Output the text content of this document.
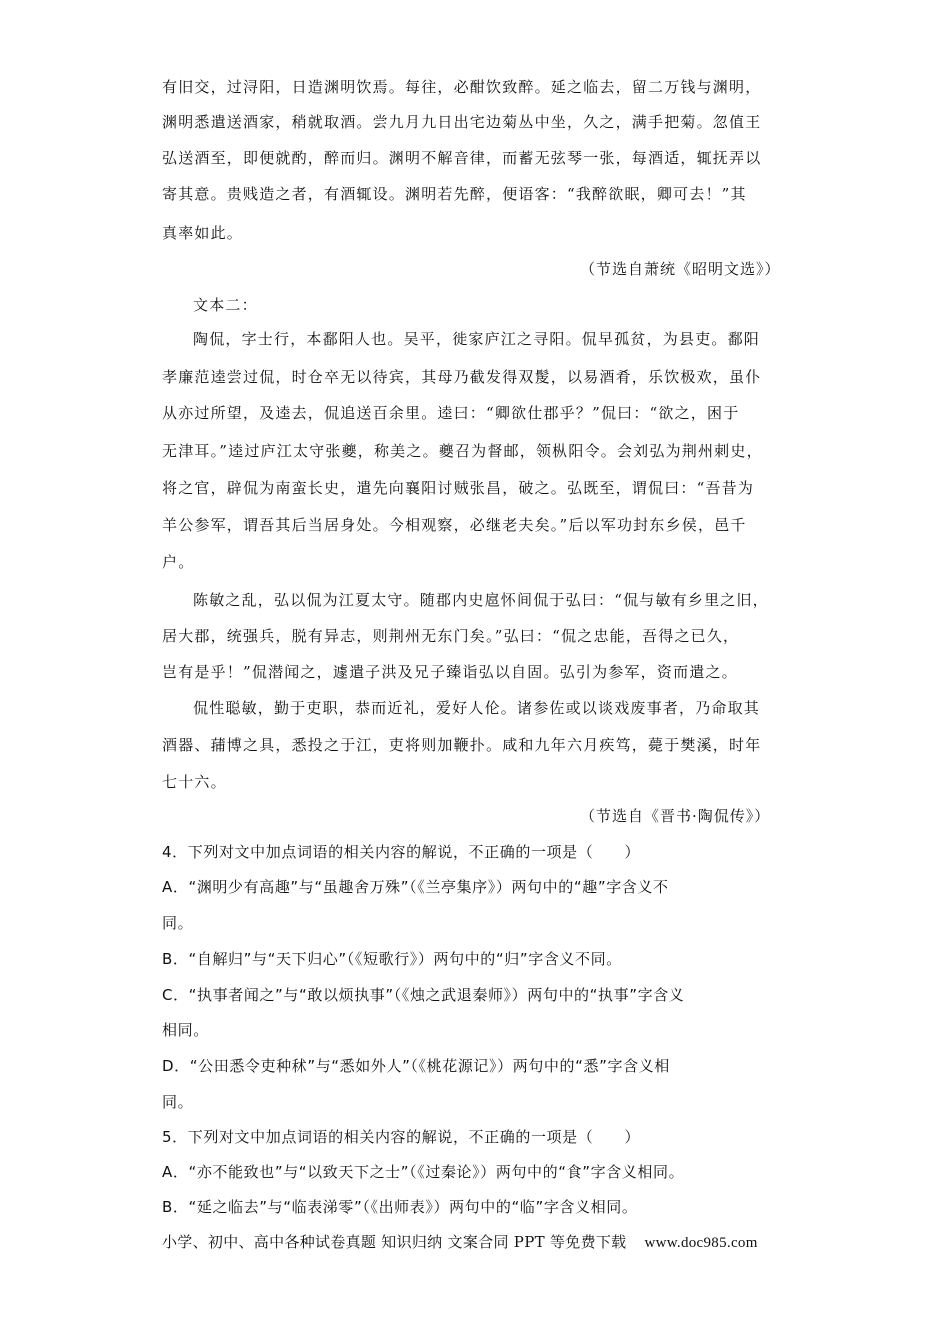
有旧交，过浔阳，日造渊明饮焉。每往，必酣饮致醉。延之临去，留二万钱与渊明，
渊明悉遣送酒家，稍就取酒。尝九月九日出宅边菊丛中坐，久之，满手把菊。忽值王
弘送酒至，即便就酌，醉而归。渊明不解音律，而蓄无弦琴一张，每酒适，辄抚弄以
寄其意。贵贱造之者，有酒辄设。渊明若先醉，便语客：“我醉欲眠，卿可去！”其
真率如此。
（节选自萧统《昭明文选》）
文本二：
陶侃，字士行，本鄱阳人也。吴平，徙家庐江之寻阳。侃早孤贫，为县吏。鄱阳
孝廉范逵尝过侃，时仓卒无以待宾，其母乃截发得双髲，以易酒肴，乐饮极欢，虽仆
从亦过所望，及逵去，侃追送百余里。逵曰：“卿欲仕郡乎？”侃曰：“欲之，困于
无津耳。”逵过庐江太守张夔，称美之。夔召为督邮，领枞阳令。会刘弘为荆州刺史，
将之官，辟侃为南蛮长史，遣先向襄阳讨贼张昌，破之。弘既至，谓侃曰：“吾昔为
羊公参军，谓吾其后当居身处。今相观察，必继老夫矣。”后以军功封东乡侯，邑千
户。
陈敏之乱，弘以侃为江夏太守。随郡内史扈怀间侃于弘曰：“侃与敏有乡里之旧，
居大郡，统强兵，脱有异志，则荆州无东门矣。”弘曰：“侃之忠能，吾得之已久，
岂有是乎！”侃潜闻之，遽遣子洪及兄子臻诣弘以自固。弘引为参军，资而遣之。
侃性聪敏，勤于吏职，恭而近礼，爱好人伦。诸参佐或以谈戏废事者，乃命取其
酒器、蒱博之具，悉投之于江，吏将则加鞭扑。咸和九年六月疾笃，薨于樊溪，时年
七十六。
（节选自《晋书·陶侃传》）
4．下列对文中加点词语的相关内容的解说，不正确的一项是（　　）
A．“渊明少有高趣”与“虽趣舍万殊”（《兰亭集序》）两句中的“趣”字含义不
同。
B．“自解归”与“天下归心”（《短歌行》）两句中的“归”字含义不同。
C．“执事者闻之”与“敢以烦执事”（《烛之武退秦师》）两句中的“执事”字含义
相同。
D．“公田悉令吏种秫”与“悉如外人”（《桃花源记》）两句中的“悉”字含义相
同。
5．下列对文中加点词语的相关内容的解说，不正确的一项是（　　）
A．“亦不能致也”与“以致天下之士”（《过秦论》）两句中的“食”字含义相同。
B．“延之临去”与“临表涕零”（《出师表》）两句中的“临”字含义相同。
小学、初中、高中各种试卷真题 知识归纳 文案合同 PPT 等免费下载 www.doc985.com
